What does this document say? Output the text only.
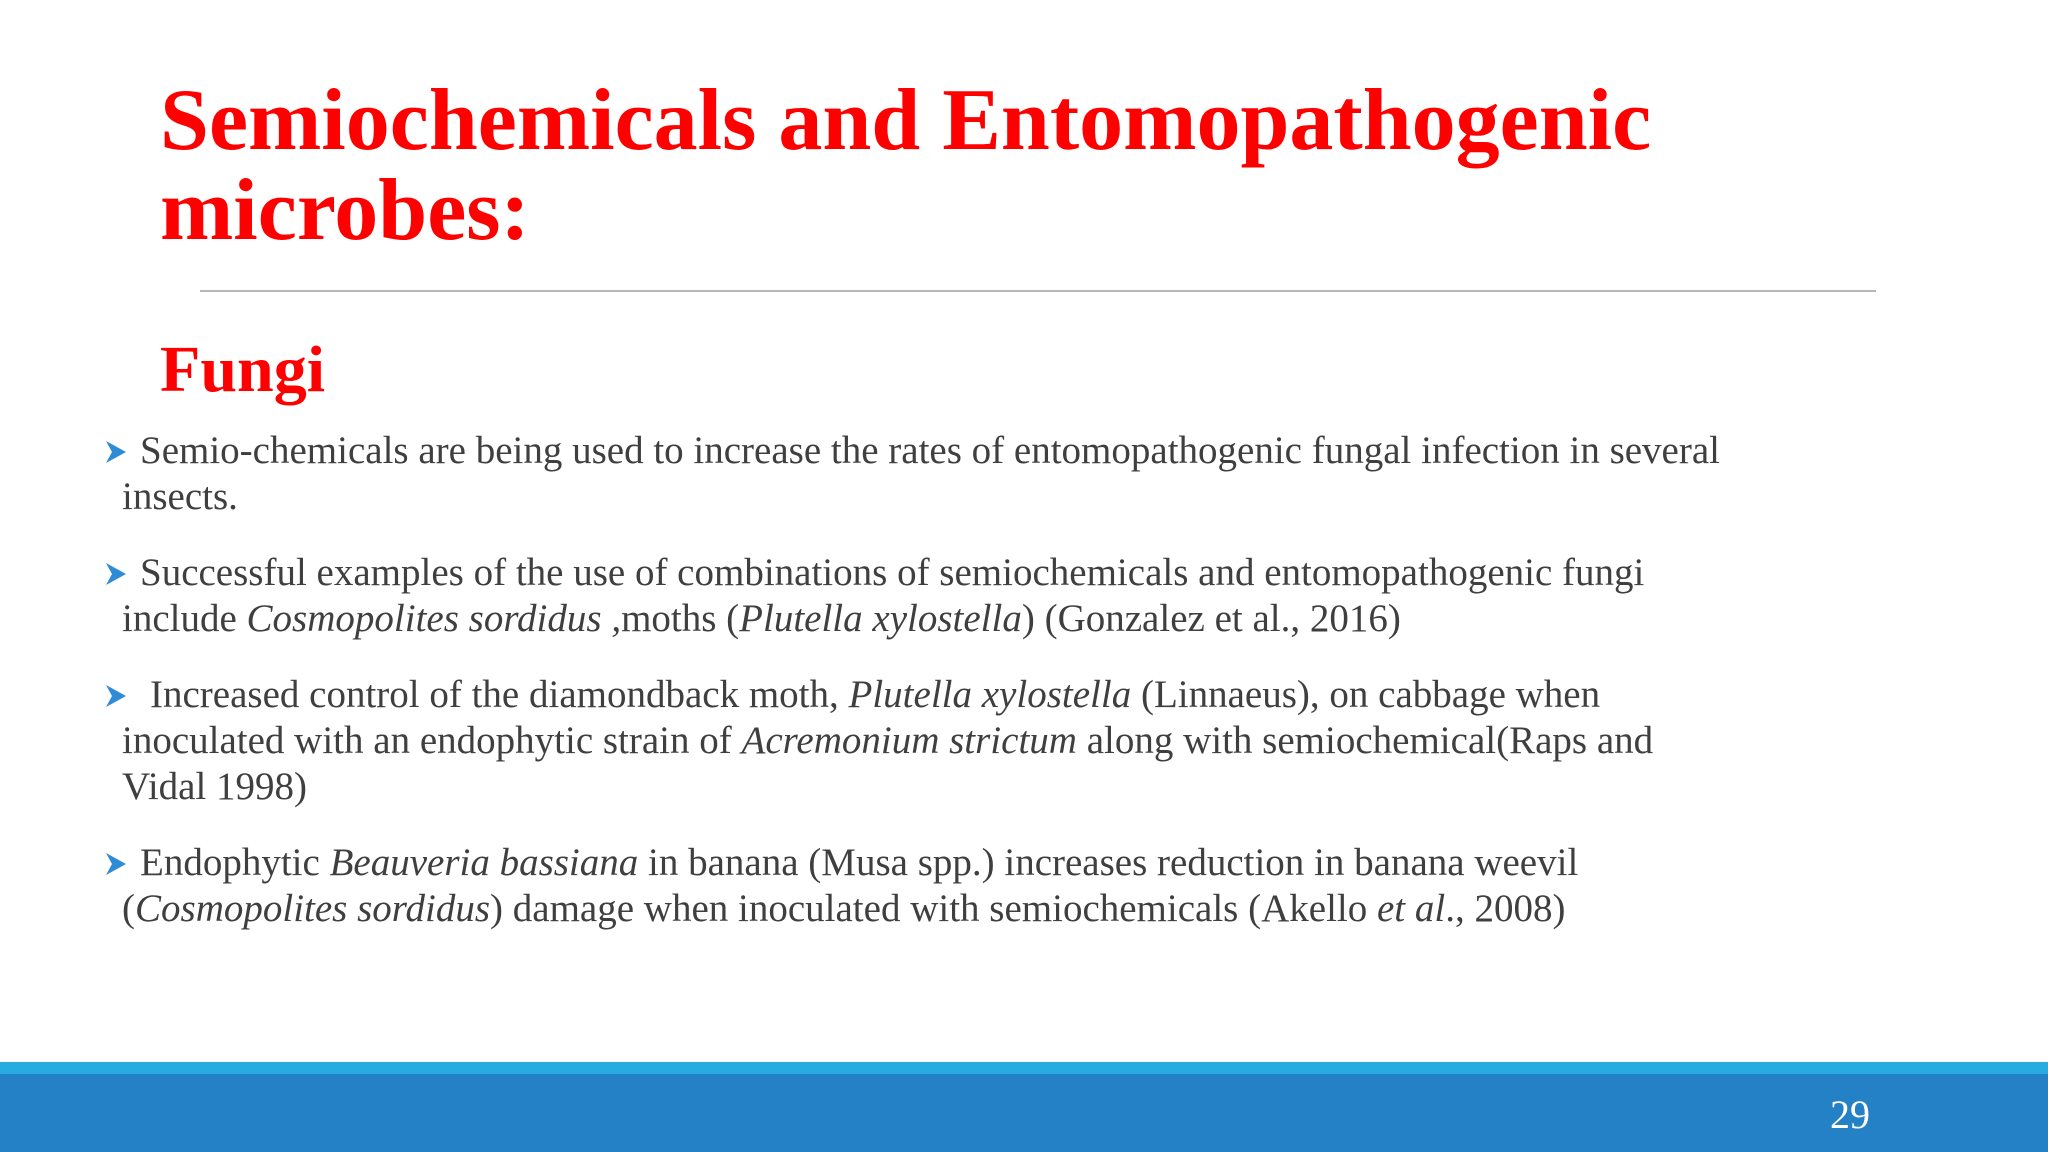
Semiochemicals and Entomopathogenic
microbes:
Fungi
Semio-chemicals are being used to increase the rates of entomopathogenic fungal infection in several
insects.
Successful examples of the use of combinations of semiochemicals and entomopathogenic fungi
include Cosmopolites sordidus ,moths (Plutella xylostella) (Gonzalez et al., 2016)
Increased control of the diamondback moth, Plutella xylostella (Linnaeus), on cabbage when
inoculated with an endophytic strain of Acremonium strictum along with semiochemical(Raps and
Vidal 1998)
Endophytic Beauveria bassiana in banana (Musa spp.) increases reduction in banana weevil
(Cosmopolites sordidus) damage when inoculated with semiochemicals (Akello et al., 2008)
29
